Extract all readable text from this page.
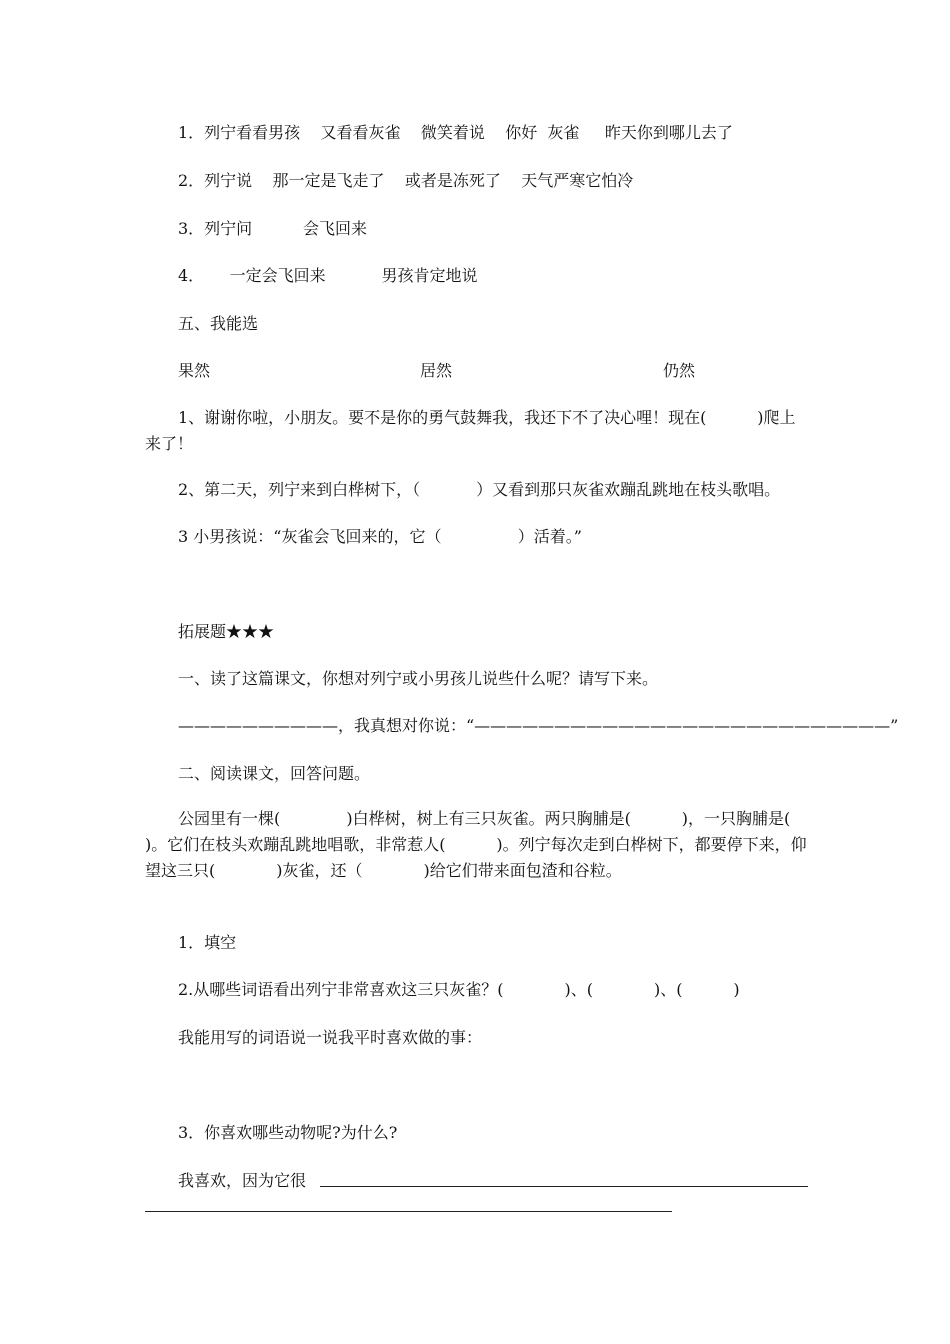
1．列宁看看男孩    又看看灰雀    微笑着说    你好  灰雀     昨天你到哪儿去了
2．列宁说    那一定是飞走了    或者是冻死了    天气严寒它怕冷
3．列宁问          会飞回来
4．     一定会飞回来           男孩肯定地说
五、我能选
果然	居然	仍然
1、谢谢你啦，小朋友。要不是你的勇气鼓舞我，我还下不了决心哩！现在(          )爬上来了！
2、第二天，列宁来到白桦树下，（           ）又看到那只灰雀欢蹦乱跳地在枝头歌唱。
3 小男孩说：“灰雀会飞回来的，它（               ）活着。”
拓展题★★★
一、读了这篇课文，你想对列宁或小男孩儿说些什么呢？请写下来。
——————————，我真想对你说：“——————————————————————————”
二、阅读课文，回答问题。
公园里有一棵(             )白桦树，树上有三只灰雀。两只胸脯是(          )，一只胸脯是(              )。它们在枝头欢蹦乱跳地唱歌，非常惹人(          )。列宁每次走到白桦树下，都要停下来，仰望这三只(            )灰雀，还（            )给它们带来面包渣和谷粒。
1．填空
2.从哪些词语看出列宁非常喜欢这三只灰雀？(            )、(            )、(          )
我能用写的词语说一说我平时喜欢做的事：
3．你喜欢哪些动物呢?为什么?
我喜欢，因为它很
